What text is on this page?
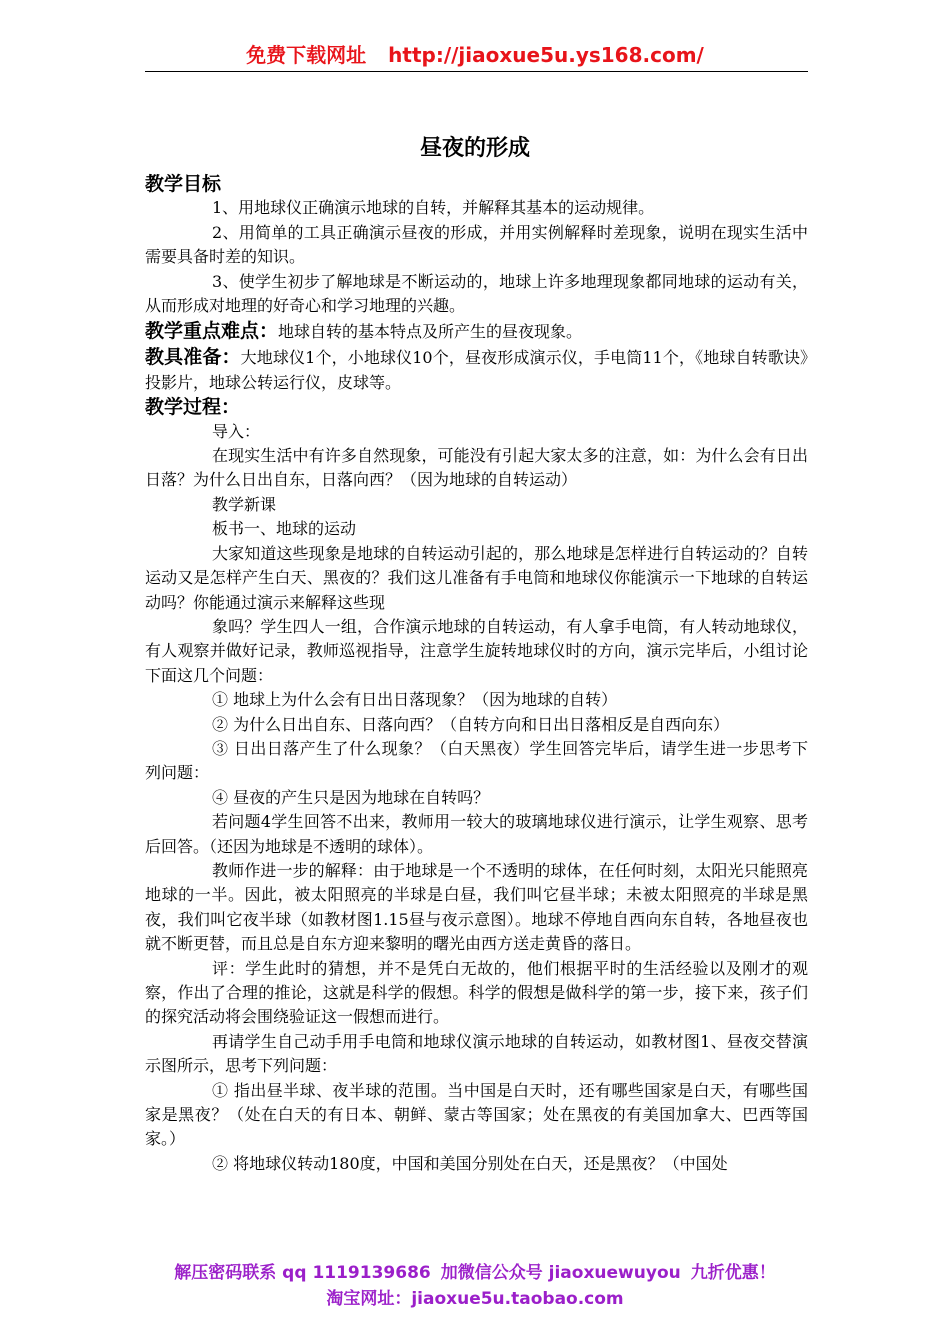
免费下载网址 http://jiaoxue5u.ys168.com/
昼夜的形成

教学目标

1、用地球仪正确演示地球的自转，并解释其基本的运动规律。

2、用简单的工具正确演示昼夜的形成，并用实例解释时差现象，说明在现实生活中需要具备时差的知识。

3、使学生初步了解地球是不断运动的，地球上许多地理现象都同地球的运动有关，从而形成对地理的好奇心和学习地理的兴趣。

教学重点难点：地球自转的基本特点及所产生的昼夜现象。

教具准备：大地球仪1个，小地球仪10个，昼夜形成演示仪，手电筒11个，《地球自转歌诀》投影片，地球公转运行仪，皮球等。

教学过程：

导入：

在现实生活中有许多自然现象，可能没有引起大家太多的注意，如：为什么会有日出日落？为什么日出自东，日落向西？（因为地球的自转运动）

教学新课

板书一、地球的运动

大家知道这些现象是地球的自转运动引起的，那么地球是怎样进行自转运动的？自转运动又是怎样产生白天、黑夜的？我们这儿准备有手电筒和地球仪你能演示一下地球的自转运动吗？你能通过演示来解释这些现

象吗？学生四人一组，合作演示地球的自转运动，有人拿手电筒，有人转动地球仪，有人观察并做好记录，教师巡视指导，注意学生旋转地球仪时的方向，演示完毕后，小组讨论下面这几个问题：

① 地球上为什么会有日出日落现象？（因为地球的自转）

② 为什么日出自东、日落向西？（自转方向和日出日落相反是自西向东）

③ 日出日落产生了什么现象？（白天黑夜）学生回答完毕后，请学生进一步思考下列问题：

④ 昼夜的产生只是因为地球在自转吗？

若问题4学生回答不出来，教师用一较大的玻璃地球仪进行演示，让学生观察、思考后回答。（还因为地球是不透明的球体）。

教师作进一步的解释：由于地球是一个不透明的球体，在任何时刻，太阳光只能照亮地球的一半。因此，被太阳照亮的半球是白昼，我们叫它昼半球；未被太阳照亮的半球是黑夜，我们叫它夜半球（如教材图1.15昼与夜示意图）。地球不停地自西向东自转，各地昼夜也就不断更替，而且总是自东方迎来黎明的曙光由西方送走黄昏的落日。

评：学生此时的猜想，并不是凭白无故的，他们根据平时的生活经验以及刚才的观察，作出了合理的推论，这就是科学的假想。科学的假想是做科学的第一步，接下来，孩子们的探究活动将会围绕验证这一假想而进行。

再请学生自己动手用手电筒和地球仪演示地球的自转运动，如教材图1、昼夜交替演示图所示，思考下列问题：

① 指出昼半球、夜半球的范围。当中国是白天时，还有哪些国家是白天，有哪些国家是黑夜？（处在白天的有日本、朝鲜、蒙古等国家；处在黑夜的有美国加拿大、巴西等国家。）

② 将地球仪转动180度，中国和美国分别处在白天，还是黑夜？（中国处

解压密码联系 qq 1119139686 加微信公众号 jiaoxuewuyou 九折优惠！
淘宝网址：jiaoxue5u.taobao.com
